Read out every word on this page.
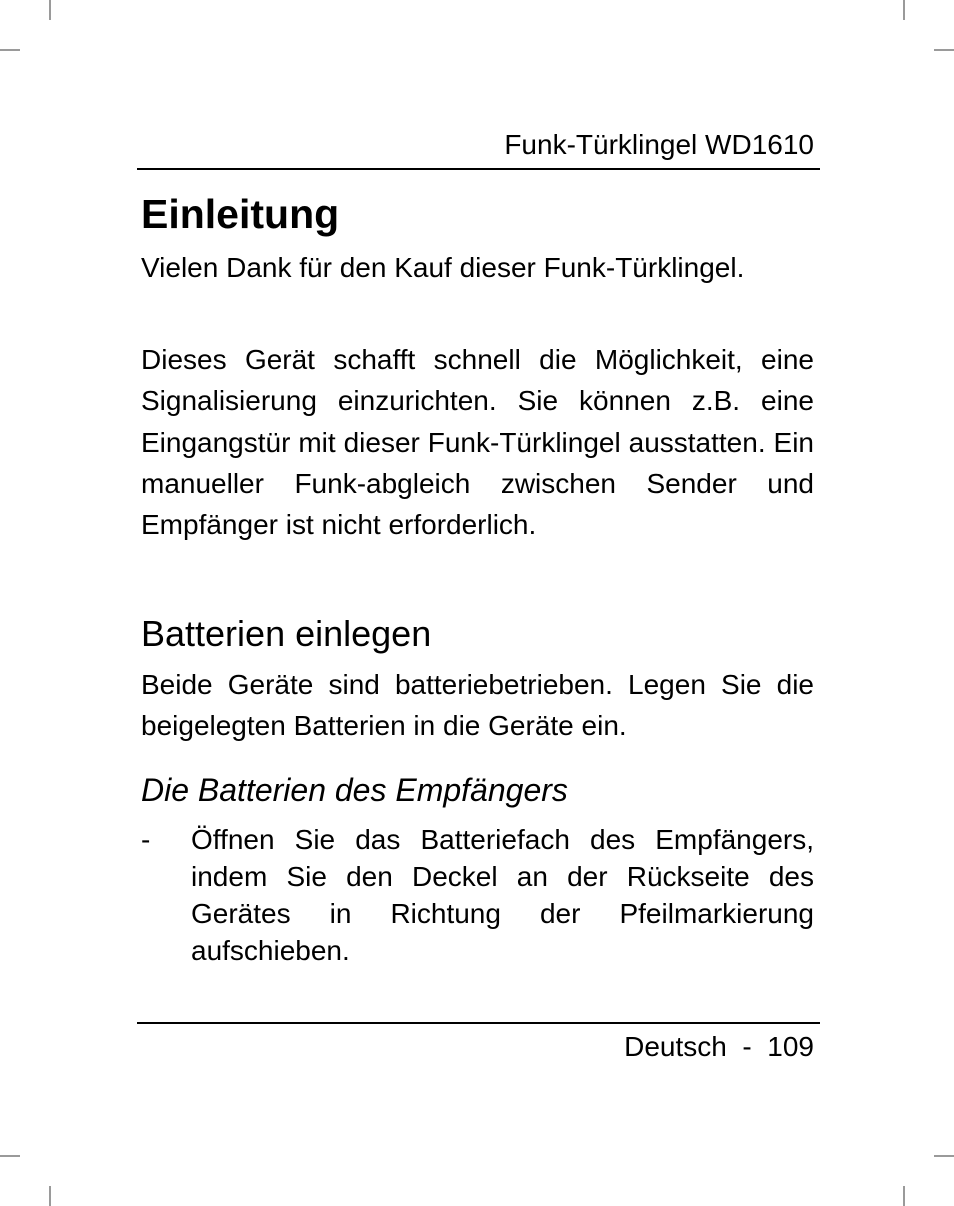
Funk-Türklingel WD1610
Einleitung

Vielen Dank für den Kauf dieser Funk-Türklingel.

Dieses Gerät schafft schnell die Möglichkeit, eine Signalisierung einzurichten. Sie können z.B. eine Eingangstür mit dieser Funk-Türklingel ausstatten. Ein manueller Funk-abgleich zwischen Sender und Empfänger ist nicht erforderlich.

Batterien einlegen

Beide Geräte sind batteriebetrieben. Legen Sie die beigelegten Batterien in die Geräte ein.

Die Batterien des Empfängers
- Öffnen Sie das Batteriefach des Empfängers, indem Sie den Deckel an der Rückseite des Gerätes in Richtung der Pfeilmarkierung aufschieben.
Deutsch - 109
